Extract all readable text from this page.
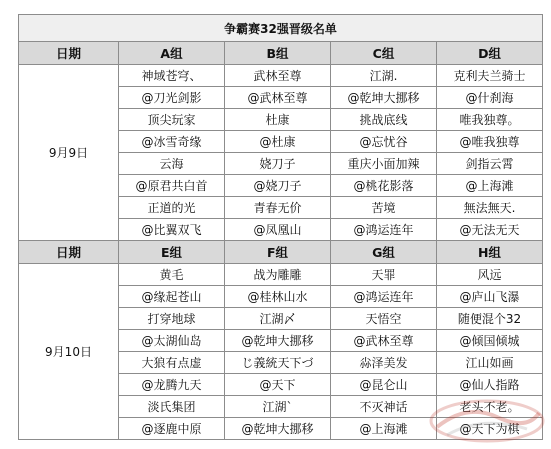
争霸赛32强晋级名单				
日期	A组	B组	C组	D组
9月9日	神域苍穹、	武林至尊	江湖.	克利夫兰骑士
	@刀光剑影	@武林至尊	@乾坤大挪移	@什刹海
	顶尖玩家	杜康	挑战底线	唯我独尊。
	@冰雪奇缘	@杜康	@忘忧谷	@唯我独尊
	云海	娆刀子	重庆小面加辣	剑指云霄
	@原君共白首	@娆刀子	@桃花影落	@上海滩
	正道的光	青春无价	苦境	無法無天.
	@比翼双飞	@凤凰山	@鸿运连年	@无法无天
日期	E组	F组	G组	H组
9月10日	黄毛	战为雕雕	天罪	风远
	@缘起苍山	@桂林山水	@鸿运连年	@庐山飞瀑
	打穿地球	江湖〆	天悟空	随便混个32
	@太湖仙岛	@乾坤大挪移	@武林至尊	@倾国倾城
	大狼有点虚	じ義統天下づ	尛泽美发	江山如画
	@龙腾九天	@天下	@昆仑山	@仙人指路
	淡氏集团	江湖`	不灭神话	老头不老。
	@逐鹿中原	@乾坤大挪移	@上海滩	@天下为棋
